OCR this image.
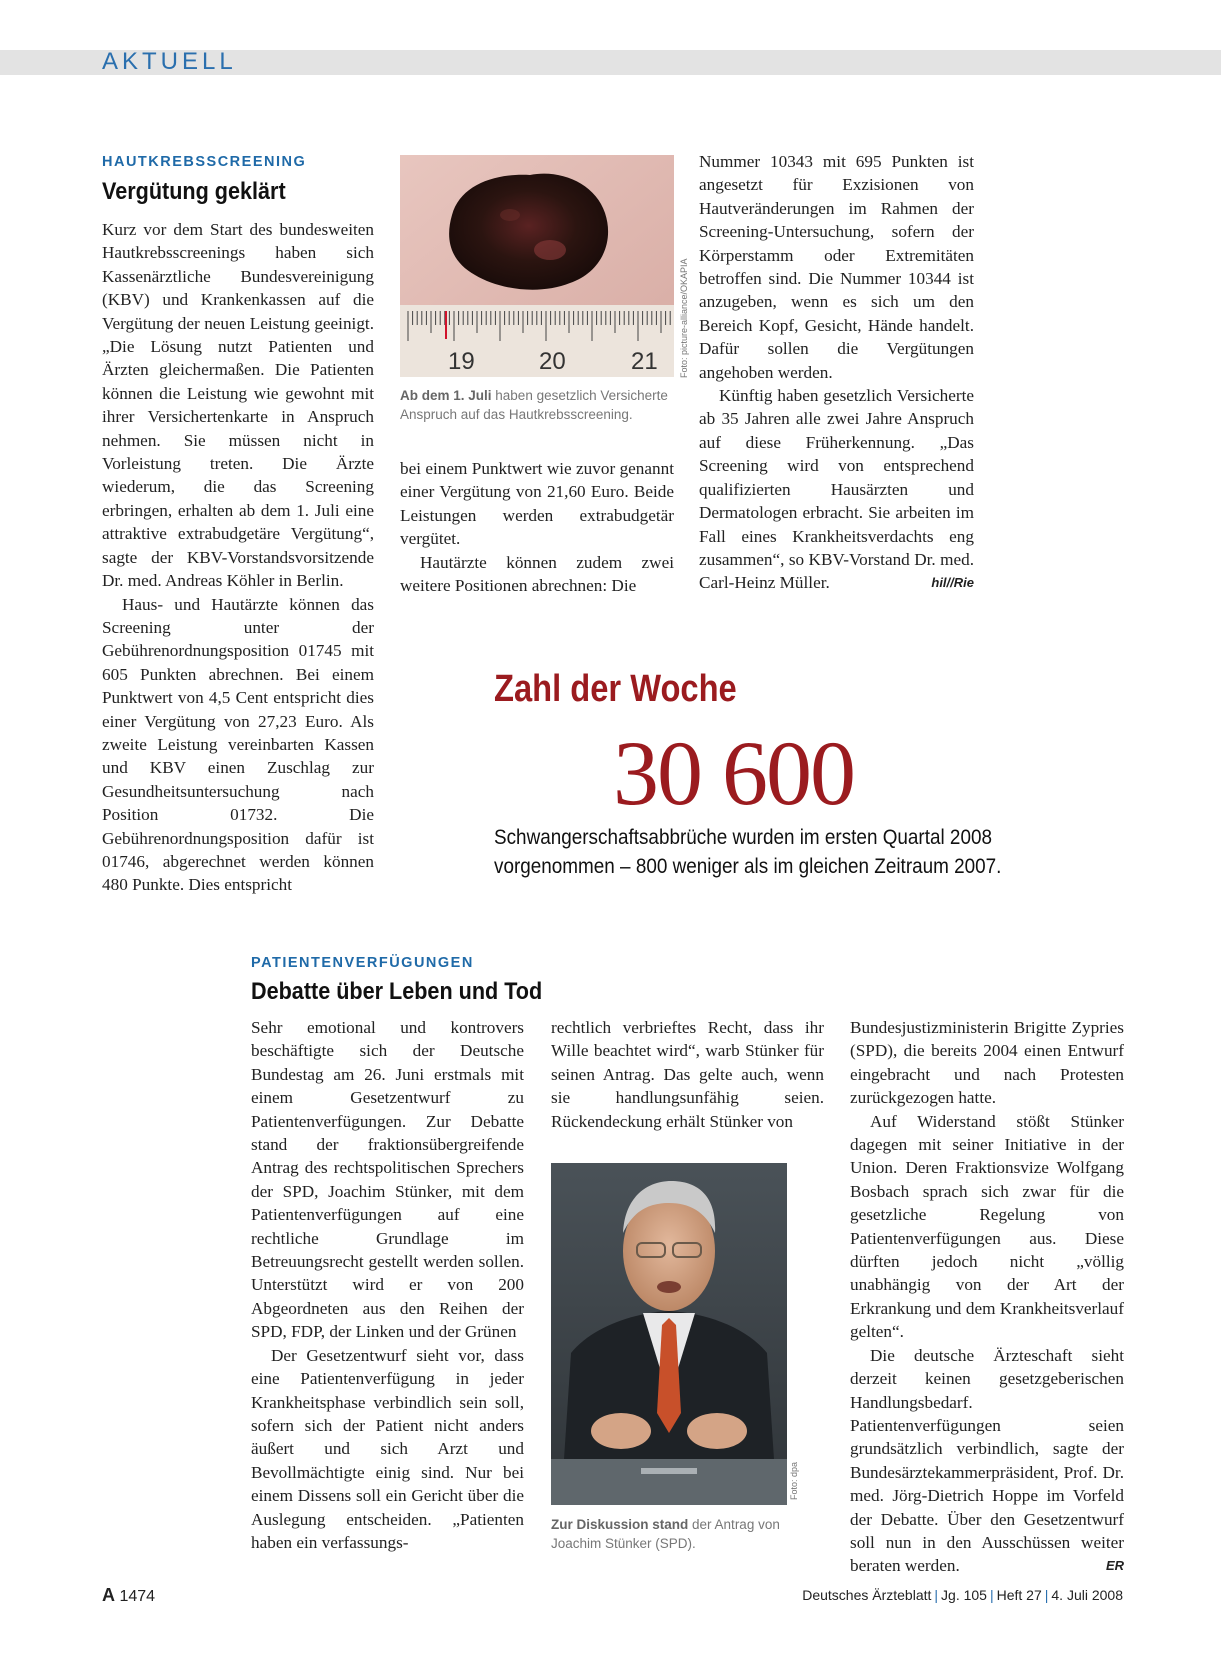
AKTUELL
HAUTKREBSSCREENING
Vergütung geklärt

Kurz vor dem Start des bundesweiten Hautkrebsscreenings haben sich Kassenärztliche Bundesvereinigung (KBV) und Krankenkassen auf die Vergütung der neuen Leistung geeinigt. „Die Lösung nutzt Patienten und Ärzten gleichermaßen. Die Patienten können die Leistung wie gewohnt mit ihrer Versichertenkarte in Anspruch nehmen. Sie müssen nicht in Vorleistung treten. Die Ärzte wiederum, die das Screening erbringen, erhalten ab dem 1. Juli eine attraktive extrabudgetäre Vergütung“, sagte der KBV-Vorstandsvorsitzende Dr. med. Andreas Köhler in Berlin.

Haus- und Hautärzte können das Screening unter der Gebührenordnungsposition 01745 mit 605 Punkten abrechnen. Bei einem Punktwert von 4,5 Cent entspricht dies einer Vergütung von 27,23 Euro. Als zweite Leistung vereinbarten Kassen und KBV einen Zuschlag zur Gesundheitsuntersuchung nach Position 01732. Die Gebührenordnungsposition dafür ist 01746, abgerechnet werden können 480 Punkte. Dies entspricht

19	20	21 Foto: picture-alliance/OKAPIA
Ab dem 1. Juli haben gesetzlich Versicherte Anspruch auf das Hautkrebsscreening.

bei einem Punktwert wie zuvor genannt einer Vergütung von 21,60 Euro. Beide Leistungen werden extrabudgetär vergütet.

Hautärzte können zudem zwei weitere Positionen abrechnen: Die

Nummer 10343 mit 695 Punkten ist angesetzt für Exzisionen von Hautveränderungen im Rahmen der Screening-Untersuchung, sofern der Körperstamm oder Extremitäten betroffen sind. Die Nummer 10344 ist anzugeben, wenn es sich um den Bereich Kopf, Gesicht, Hände handelt. Dafür sollen die Vergütungen angehoben werden.

Künftig haben gesetzlich Versicherte ab 35 Jahren alle zwei Jahre Anspruch auf diese Früherkennung. „Das Screening wird von entsprechend qualifizierten Hausärzten und Dermatologen erbracht. Sie arbeiten im Fall eines Krankheitsverdachts eng zusammen“, so KBV-Vorstand Dr. med. Carl-Heinz Müller.	hil//Rie

Zahl der Woche
30 600
Schwangerschaftsabbrüche wurden im ersten Quartal 2008
vorgenommen – 800 weniger als im gleichen Zeitraum 2007.
PATIENTENVERFÜGUNGEN
Debatte über Leben und Tod

Sehr emotional und kontrovers beschäftigte sich der Deutsche Bundestag am 26. Juni erstmals mit einem Gesetzentwurf zu Patientenverfügungen. Zur Debatte stand der fraktionsübergreifende Antrag des rechtspolitischen Sprechers der SPD, Joachim Stünker, mit dem Patientenverfügungen auf eine rechtliche Grundlage im Betreuungsrecht gestellt werden sollen. Unterstützt wird er von 200 Abgeordneten aus den Reihen der SPD, FDP, der Linken und der Grünen

Der Gesetzentwurf sieht vor, dass eine Patientenverfügung in jeder Krankheitsphase verbindlich sein soll, sofern sich der Patient nicht anders äußert und sich Arzt und Bevollmächtigte einig sind. Nur bei einem Dissens soll ein Gericht über die Auslegung entscheiden. „Patienten haben ein verfassungs-

rechtlich verbrieftes Recht, dass ihr Wille beachtet wird“, warb Stünker für seinen Antrag. Das gelte auch, wenn sie handlungsunfähig seien. Rückendeckung erhält Stünker von

Foto: dpa
Zur Diskussion stand der Antrag von Joachim Stünker (SPD).

Bundesjustizministerin Brigitte Zypries (SPD), die bereits 2004 einen Entwurf eingebracht und nach Protesten zurückgezogen hatte.

Auf Widerstand stößt Stünker dagegen mit seiner Initiative in der Union. Deren Fraktionsvize Wolfgang Bosbach sprach sich zwar für die gesetzliche Regelung von Patientenverfügungen aus. Diese dürften jedoch nicht „völlig unabhängig von der Art der Erkrankung und dem Krankheitsverlauf gelten“.

Die deutsche Ärzteschaft sieht derzeit keinen gesetzgeberischen Handlungsbedarf. Patientenverfügungen seien grundsätzlich verbindlich, sagte der Bundesärztekammerpräsident, Prof. Dr. med. Jörg-Dietrich Hoppe im Vorfeld der Debatte. Über den Gesetzentwurf soll nun in den Ausschüssen weiter beraten werden.	ER

A 1474	Deutsches Ärzteblatt | Jg. 105 | Heft 27 | 4. Juli 2008
